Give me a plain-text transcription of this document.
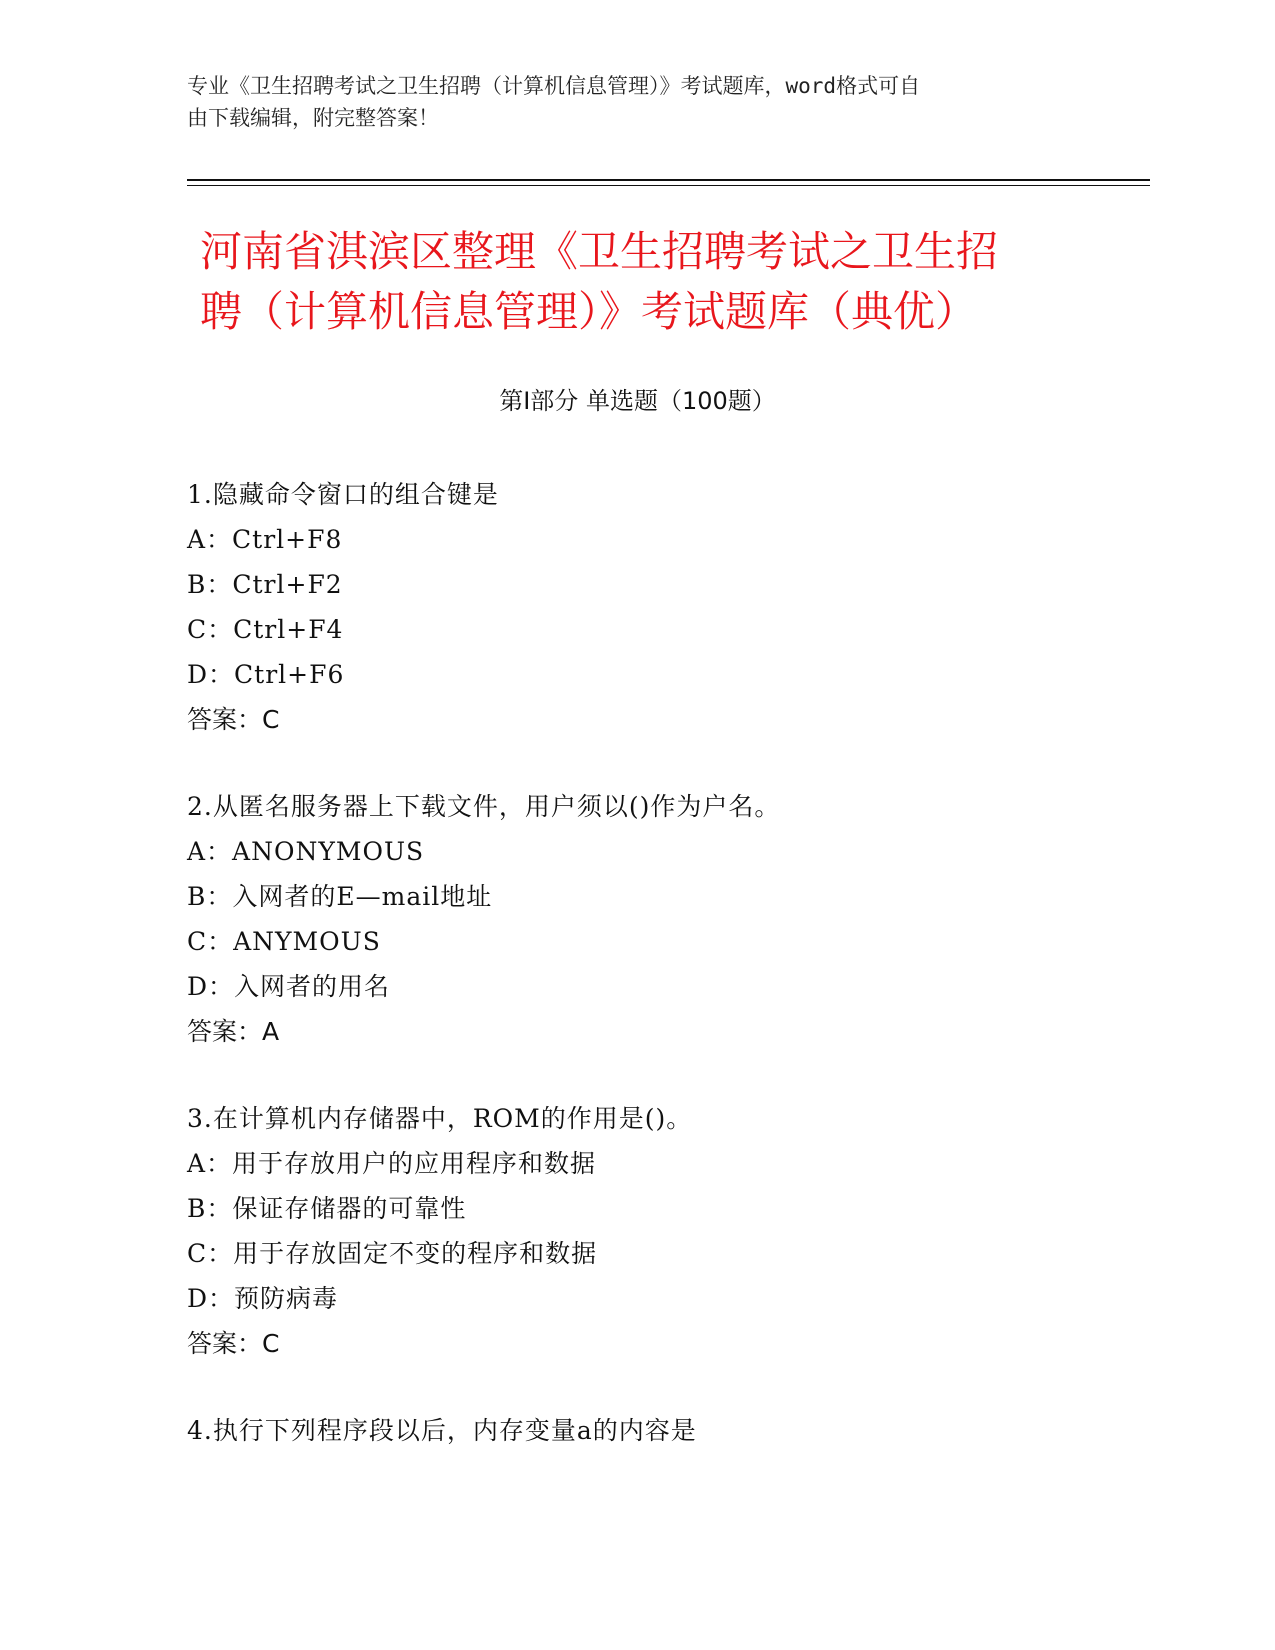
专业《卫生招聘考试之卫生招聘（计算机信息管理）》考试题库，word格式可自
由下载编辑，附完整答案！
河南省淇滨区整理《卫生招聘考试之卫生招
聘（计算机信息管理）》考试题库（典优）
第Ⅰ部分 单选题（100题）
1.隐藏命令窗口的组合键是
A：Ctrl+F8
B：Ctrl+F2
C：Ctrl+F4
D：Ctrl+F6
答案：C
2.从匿名服务器上下载文件，用户须以()作为户名。
A：ANONYMOUS
B：入网者的E—mail地址
C：ANYMOUS
D：入网者的用名
答案：A
3.在计算机内存储器中，ROM的作用是()。
A：用于存放用户的应用程序和数据
B：保证存储器的可靠性
C：用于存放固定不变的程序和数据
D：预防病毒
答案：C
4.执行下列程序段以后，内存变量a的内容是
